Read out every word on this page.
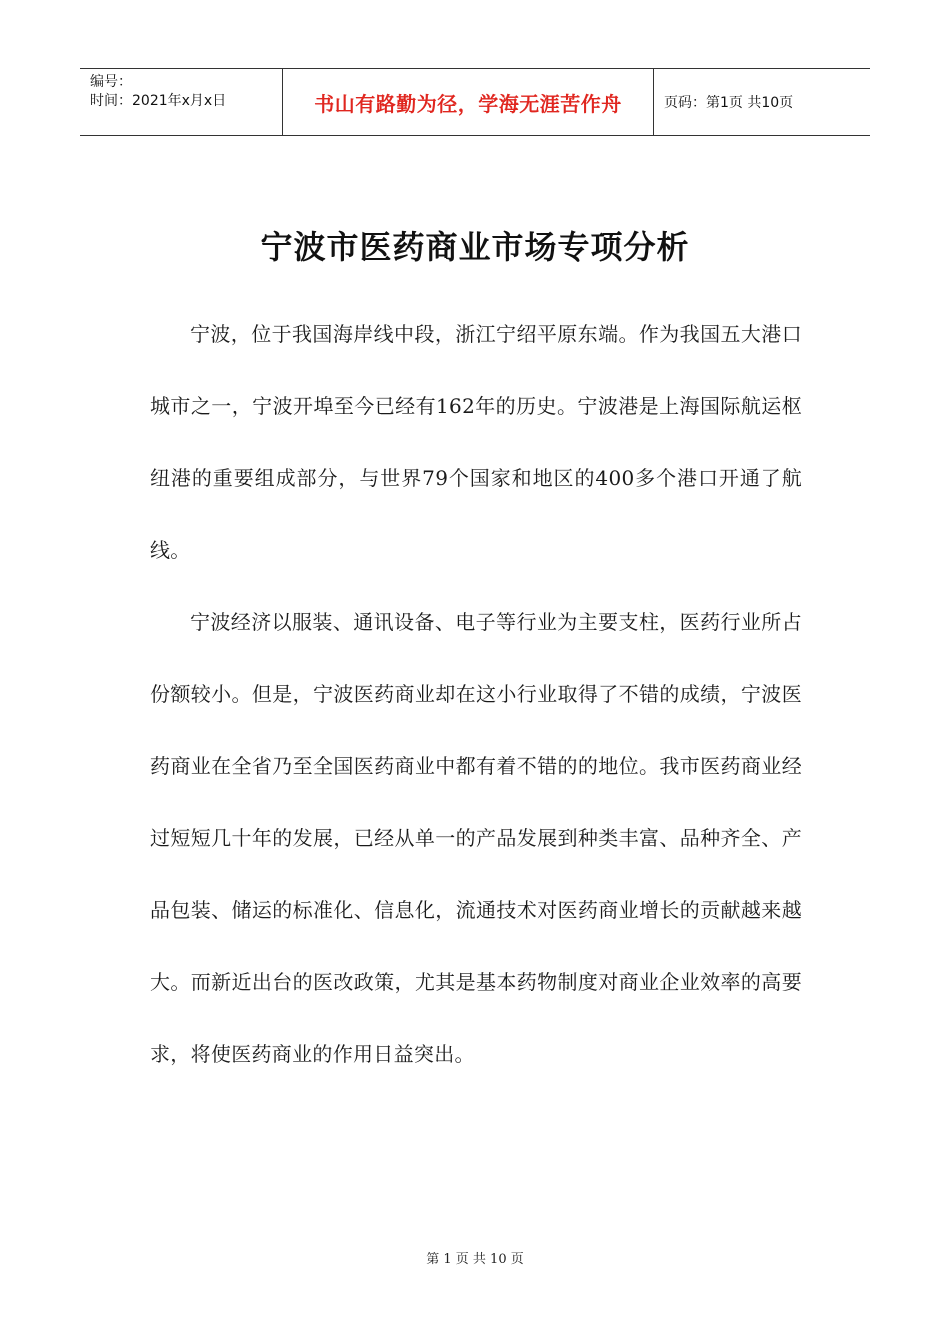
编号：
时间：2021年x月x日	书山有路勤为径，学海无涯苦作舟	页码：第1页 共10页
宁波市医药商业市场专项分析

宁波，位于我国海岸线中段，浙江宁绍平原东端。作为我国五大港口城市之一，宁波开埠至今已经有162年的历史。宁波港是上海国际航运枢纽港的重要组成部分，与世界79个国家和地区的400多个港口开通了航线。

宁波经济以服装、通讯设备、电子等行业为主要支柱，医药行业所占份额较小。但是，宁波医药商业却在这小行业取得了不错的成绩，宁波医药商业在全省乃至全国医药商业中都有着不错的的地位。我市医药商业经过短短几十年的发展，已经从单一的产品发展到种类丰富、品种齐全、产品包装、储运的标准化、信息化，流通技术对医药商业增长的贡献越来越大。而新近出台的医改政策，尤其是基本药物制度对商业企业效率的高要求，将使医药商业的作用日益突出。

第 1 页 共 10 页
